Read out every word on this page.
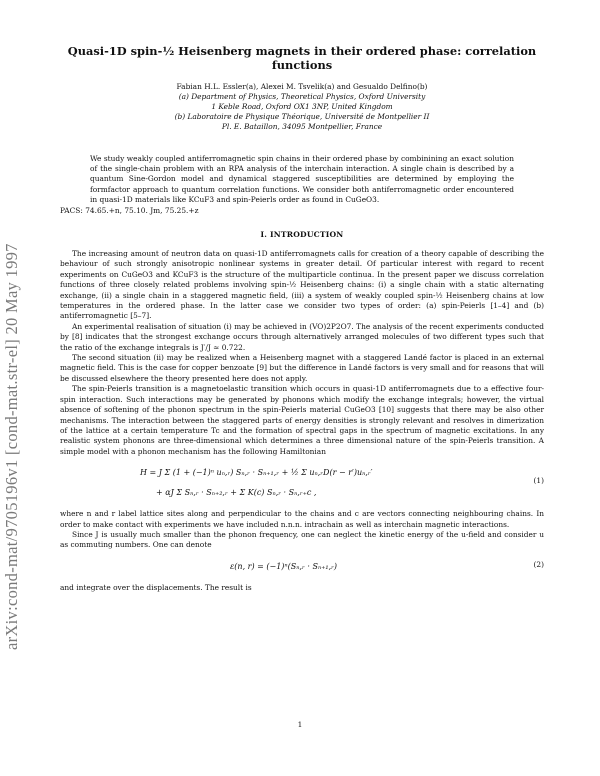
arXiv:cond-mat/9705196v1 [cond-mat.str-el] 20 May 1997
Quasi-1D spin-½ Heisenberg magnets in their ordered phase: correlation functions
Fabian H.L. Essler(a), Alexei M. Tsvelik(a) and Gesualdo Delfino(b)
(a) Department of Physics, Theoretical Physics, Oxford University
1 Keble Road, Oxford OX1 3NP, United Kingdom
(b) Laboratoire de Physique Théorique, Université de Montpellier II
Pl. E. Bataillon, 34095 Montpellier, France
We study weakly coupled antiferromagnetic spin chains in their ordered phase by combinining an exact solution of the single-chain problem with an RPA analysis of the interchain interaction. A single chain is described by a quantum Sine-Gordon model and dynamical staggered susceptibilities are determined by employing the formfactor approach to quantum correlation functions. We consider both antiferromagnetic order encountered in quasi-1D materials like KCuF3 and spin-Peierls order as found in CuGeO3.
PACS: 74.65.+n, 75.10. Jm, 75.25.+z
I. INTRODUCTION

The increasing amount of neutron data on quasi-1D antiferromagnets calls for creation of a theory capable of describing the behaviour of such strongly anisotropic nonlinear systems in greater detail. Of particular interest with regard to recent experiments on CuGeO3 and KCuF3 is the structure of the multiparticle continua. In the present paper we discuss correlation functions of three closely related problems involving spin-½ Heisenberg chains: (i) a single chain with a static alternating exchange, (ii) a single chain in a staggered magnetic field, (iii) a system of weakly coupled spin-½ Heisenberg chains at low temperatures in the ordered phase. In the latter case we consider two types of order: (a) spin-Peierls [1–4] and (b) antiferromagnetic [5–7].

An experimental realisation of situation (i) may be achieved in (VO)2P2O7. The analysis of the recent experiments conducted by [8] indicates that the strongest exchange occurs through alternatively arranged molecules of two different types such that the ratio of the exchange integrals is J′/J ≈ 0.722.

The second situation (ii) may be realized when a Heisenberg magnet with a staggered Landé factor is placed in an external magnetic field. This is the case for copper benzoate [9] but the difference in Landé factors is very small and for reasons that will be discussed elsewhere the theory presented here does not apply.

The spin-Peierls transition is a magnetoelastic transition which occurs in quasi-1D antiferromagnets due to a effective four-spin interaction. Such interactions may be generated by phonons which modify the exchange integrals; however, the virtual absence of softening of the phonon spectrum in the spin-Peierls material CuGeO3 [10] suggests that there may be also other mechanisms. The interaction between the staggered parts of energy densities is strongly relevant and resolves in dimerization of the lattice at a certain temperature Tc and the formation of spectral gaps in the spectrum of magnetic excitations. In any realistic system phonons are three-dimensional which determines a three dimensional nature of the spin-Peierls transition. A simple model with a phonon mechanism has the following Hamiltonian

H = J Σ (1 + (−1)ⁿ uₙ,ᵣ) Sₙ,ᵣ · Sₙ₊₁,ᵣ + ½ Σ uₙ,ᵣD(r − r′)uₙ,ᵣ′
+ αJ Σ Sₙ,ᵣ · Sₙ₊₂,ᵣ + Σ K(c) Sₙ,ᵣ · Sₙ,ᵣ₊c ,
(1)

where n and r label lattice sites along and perpendicular to the chains and c are vectors connecting neighbouring chains. In order to make contact with experiments we have included n.n.n. intrachain as well as interchain magnetic interactions.

Since J is usually much smaller than the phonon frequency, one can neglect the kinetic energy of the u-field and consider u as commuting numbers. One can denote

ε(n, r) = (−1)ⁿ(Sₙ,ᵣ · Sₙ₊₁,ᵣ)	(2)

and integrate over the displacements. The result is

1
